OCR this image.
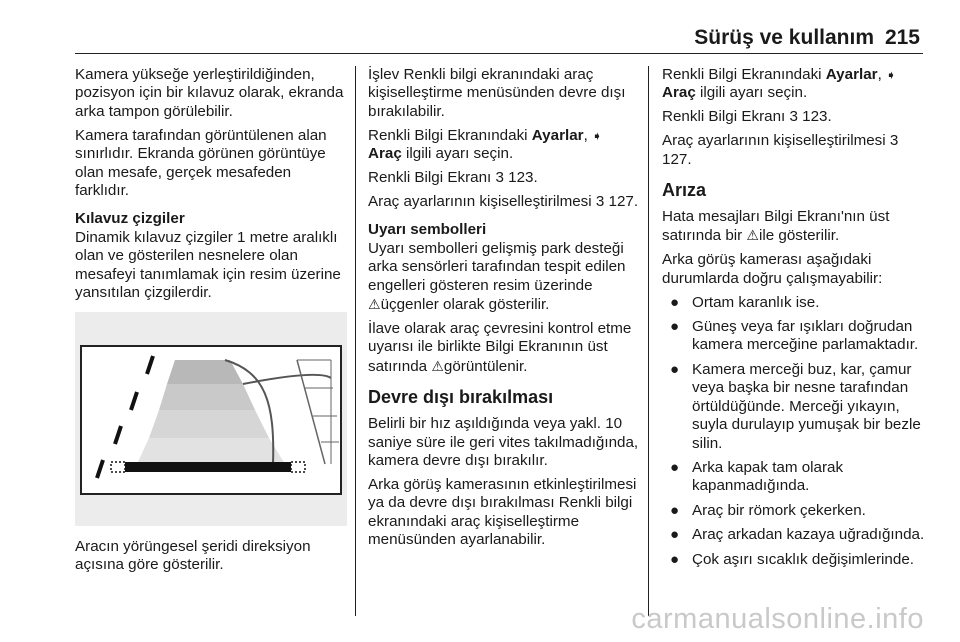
Sürüş ve kullanım 215

Kamera yükseğe yerleştirildiğinden, pozisyon için bir kılavuz olarak, ekranda arka tampon görülebilir.

Kamera tarafından görüntülenen alan sınırlıdır. Ekranda görünen görüntüye olan mesafe, gerçek mesafeden farklıdır.

Kılavuz çizgiler

Dinamik kılavuz çizgiler 1 metre aralıklı olan ve gösterilen nesnelere olan mesafeyi tanımlamak için resim üzerine yansıtılan çizgilerdir.

Aracın yörüngesel şeridi direksiyon açısına göre gösterilir.

İşlev Renkli bilgi ekranındaki araç kişiselleştirme menüsünden devre dışı bırakılabilir.

Renkli Bilgi Ekranındaki Ayarlar, ➧
Araç ilgili ayarı seçin.

Renkli Bilgi Ekranı 3 123.

Araç ayarlarının kişiselleştirilmesi 3 127.

Uyarı sembolleri

Uyarı sembolleri gelişmiş park desteği arka sensörleri tarafından tespit edilen engelleri gösteren resim üzerinde ⚠üçgenler olarak gösterilir.

İlave olarak araç çevresini kontrol etme uyarısı ile birlikte Bilgi Ekranının üst satırında ⚠görüntülenir.

Devre dışı bırakılması

Belirli bir hız aşıldığında veya yakl. 10 saniye süre ile geri vites takılmadığında, kamera devre dışı bırakılır.

Arka görüş kamerasının etkinleştirilmesi ya da devre dışı bırakılması Renkli bilgi ekranındaki araç kişiselleştirme menüsünden ayarlanabilir.

Renkli Bilgi Ekranındaki Ayarlar, ➧
Araç ilgili ayarı seçin.

Renkli Bilgi Ekranı 3 123.

Araç ayarlarının kişiselleştirilmesi 3 127.

Arıza

Hata mesajları Bilgi Ekranı'nın üst satırında bir ⚠ile gösterilir.

Arka görüş kamerası aşağıdaki durumlarda doğru çalışmayabilir:

● Ortam karanlık ise.
● Güneş veya far ışıkları doğrudan kamera merceğine parlamaktadır.
● Kamera merceği buz, kar, çamur veya başka bir nesne tarafından örtüldüğünde. Merceği yıkayın, suyla durulayıp yumuşak bir bezle silin.
● Arka kapak tam olarak kapanmadığında.
● Araç bir römork çekerken.
● Araç arkadan kazaya uğradığında.
● Çok aşırı sıcaklık değişimlerinde.
carmanualsonline.info
